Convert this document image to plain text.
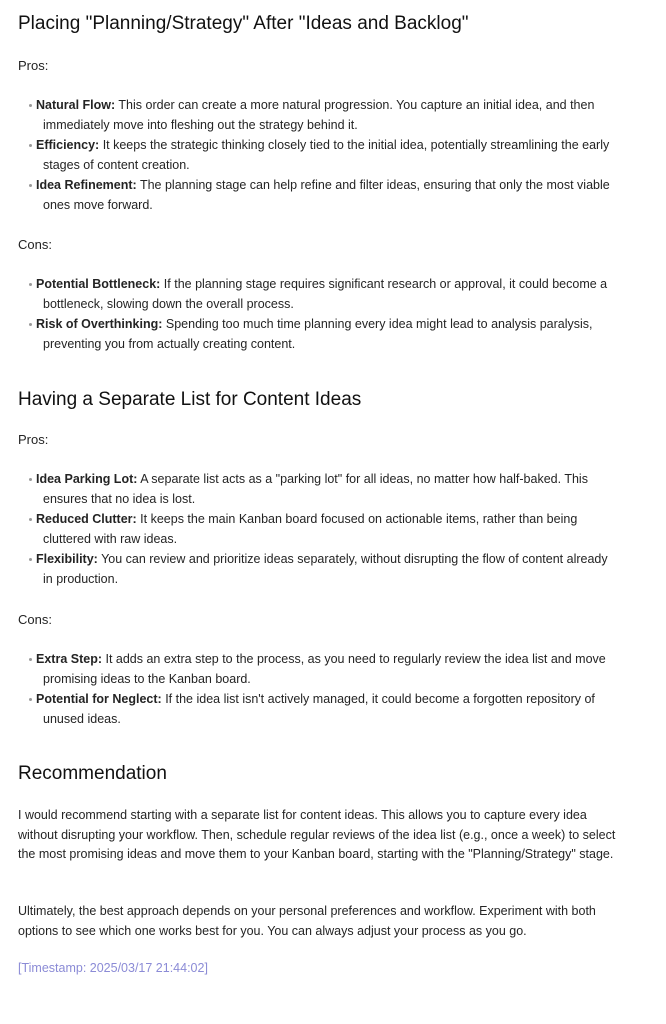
Placing "Planning/Strategy" After "Ideas and Backlog"
Pros:
Natural Flow: This order can create a more natural progression. You capture an initial idea, and then immediately move into fleshing out the strategy behind it.
Efficiency: It keeps the strategic thinking closely tied to the initial idea, potentially streamlining the early stages of content creation.
Idea Refinement: The planning stage can help refine and filter ideas, ensuring that only the most viable ones move forward.
Cons:
Potential Bottleneck: If the planning stage requires significant research or approval, it could become a bottleneck, slowing down the overall process.
Risk of Overthinking: Spending too much time planning every idea might lead to analysis paralysis, preventing you from actually creating content.
Having a Separate List for Content Ideas
Pros:
Idea Parking Lot: A separate list acts as a "parking lot" for all ideas, no matter how half-baked. This ensures that no idea is lost.
Reduced Clutter: It keeps the main Kanban board focused on actionable items, rather than being cluttered with raw ideas.
Flexibility: You can review and prioritize ideas separately, without disrupting the flow of content already in production.
Cons:
Extra Step: It adds an extra step to the process, as you need to regularly review the idea list and move promising ideas to the Kanban board.
Potential for Neglect: If the idea list isn't actively managed, it could become a forgotten repository of unused ideas.
Recommendation

I would recommend starting with a separate list for content ideas. This allows you to capture every idea without disrupting your workflow. Then, schedule regular reviews of the idea list (e.g., once a week) to select the most promising ideas and move them to your Kanban board, starting with the "Planning/Strategy" stage.

Ultimately, the best approach depends on your personal preferences and workflow. Experiment with both options to see which one works best for you. You can always adjust your process as you go.

[Timestamp: 2025/03/17 21:44:02]
